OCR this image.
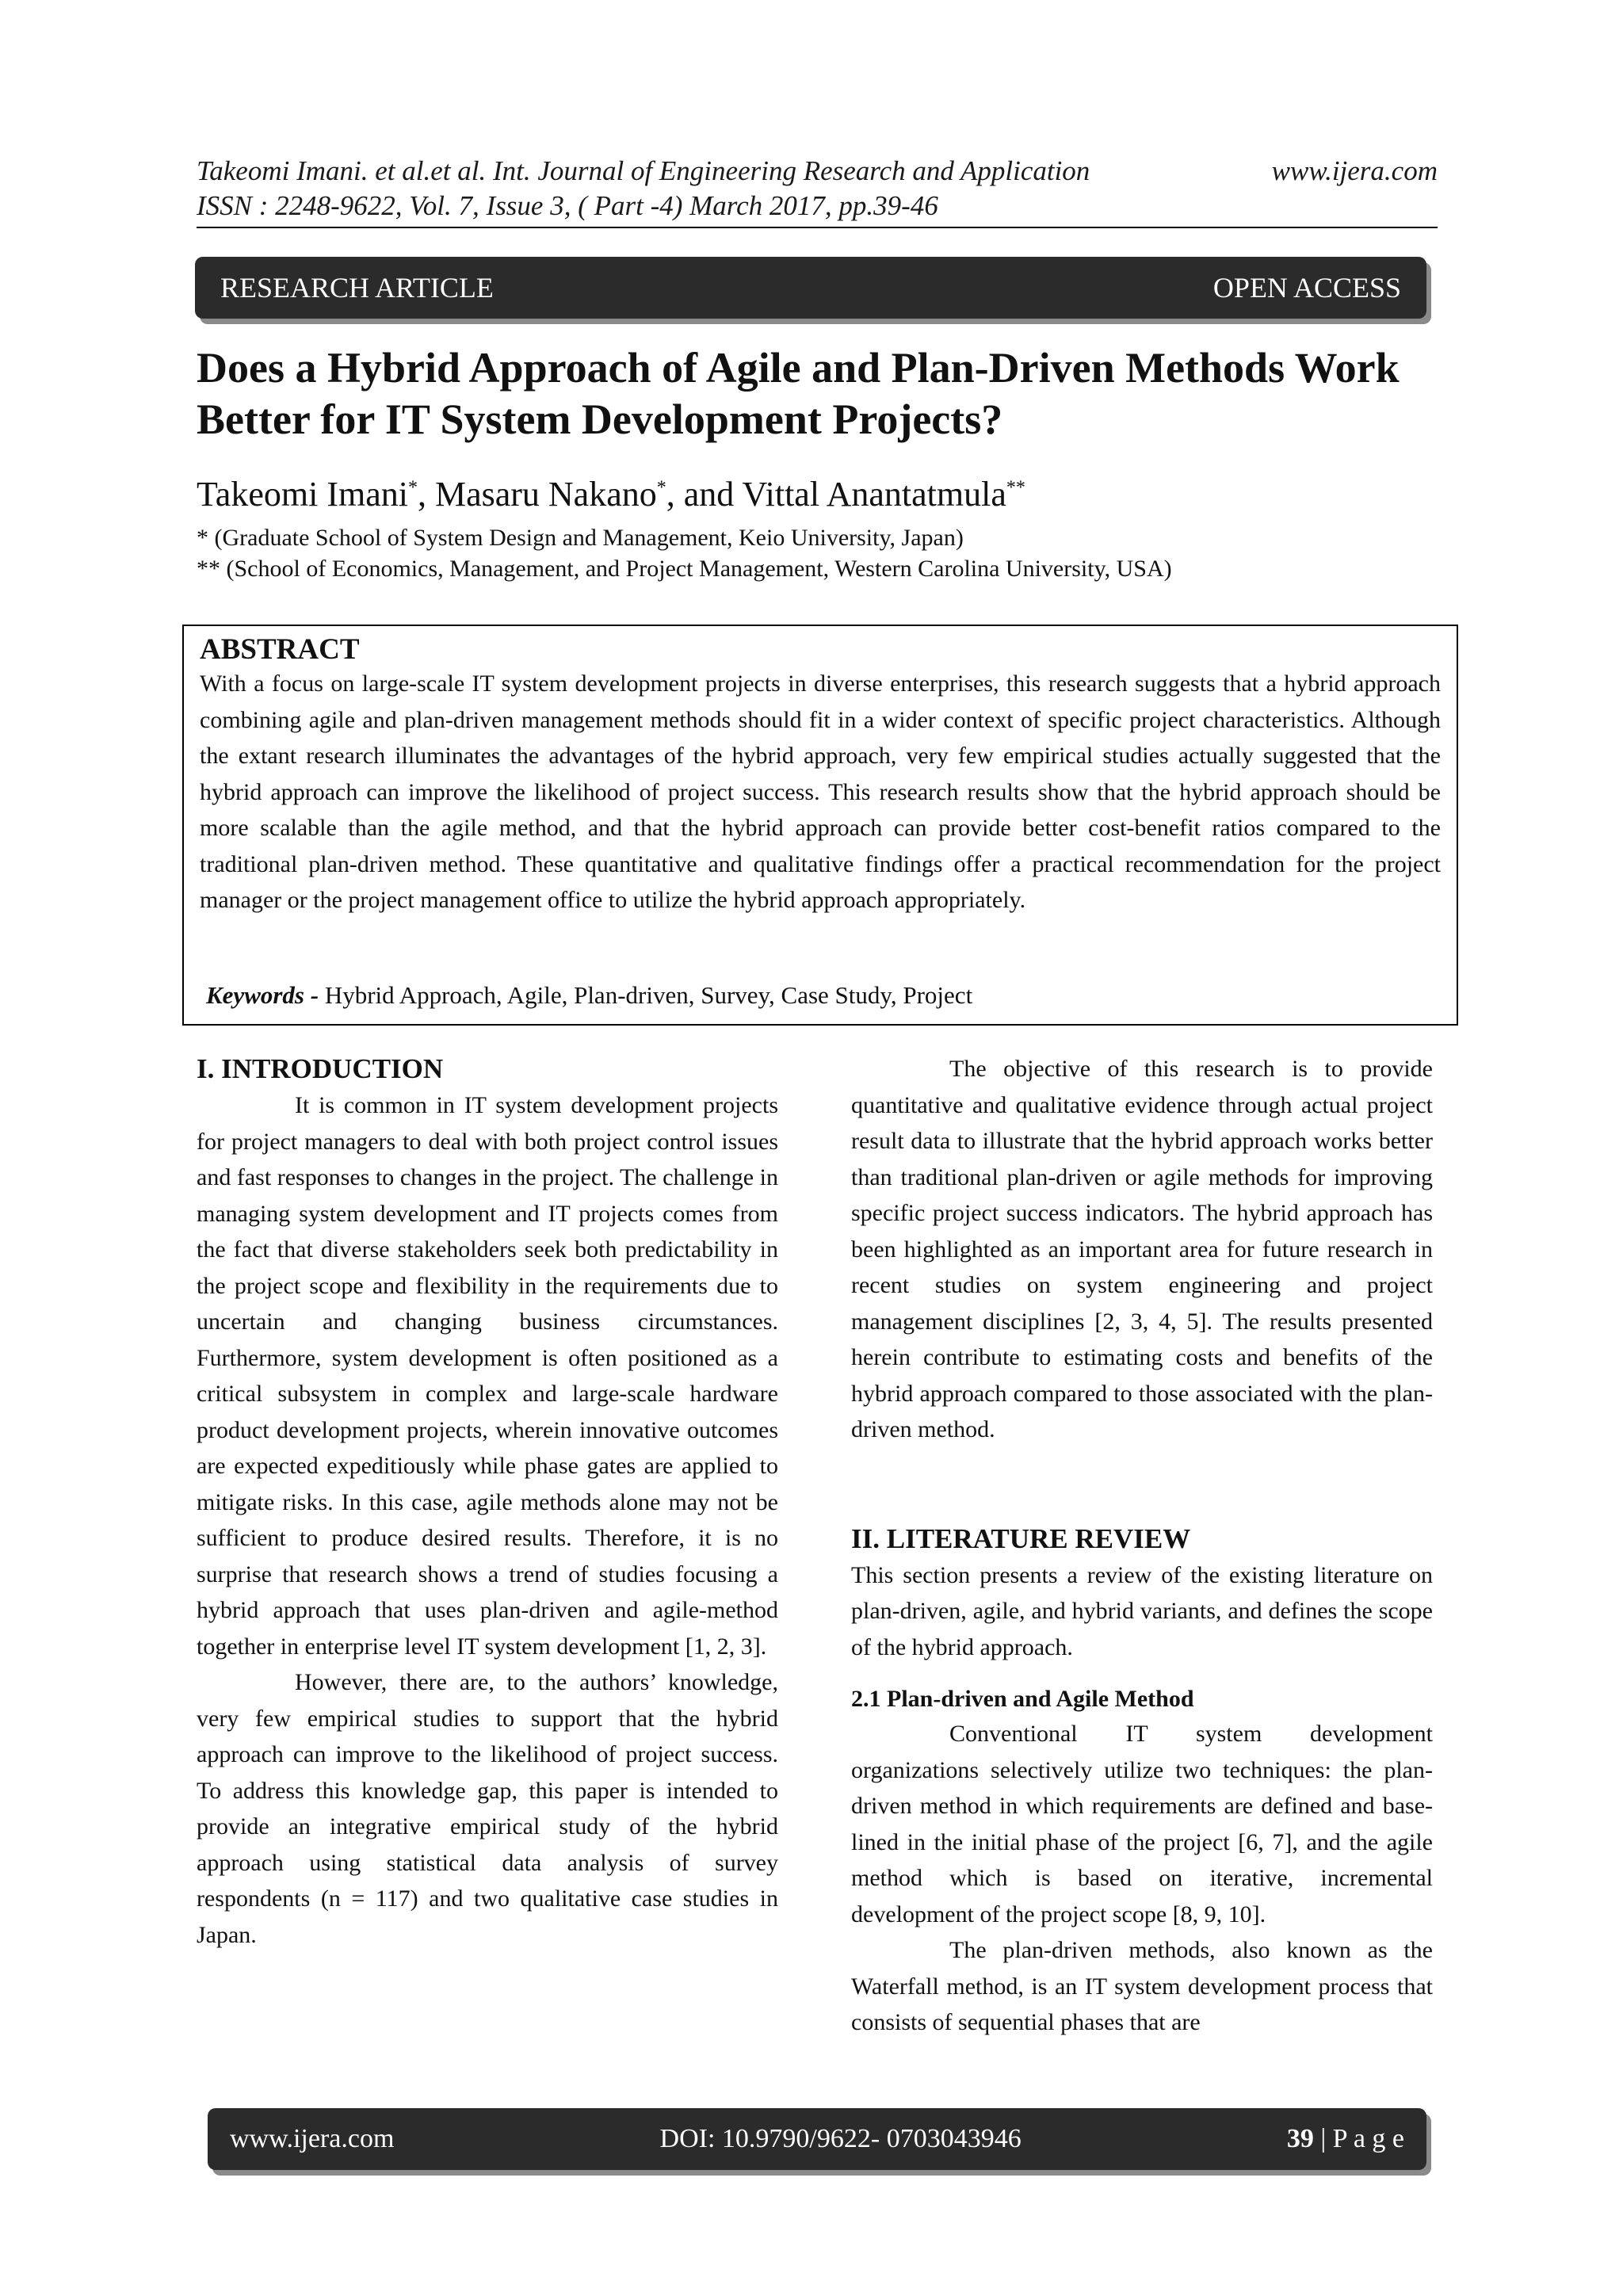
Takeomi Imani. et al.et al. Int. Journal of Engineering Research and Application	www.ijera.com
ISSN : 2248-9622, Vol. 7, Issue 3, ( Part -4) March 2017, pp.39-46
RESEARCH ARTICLE	OPEN ACCESS
Does a Hybrid Approach of Agile and Plan-Driven Methods Work
Better for IT System Development Projects?
Takeomi Imani*, Masaru Nakano*, and Vittal Anantatmula**
* (Graduate School of System Design and Management, Keio University, Japan)
** (School of Economics, Management, and Project Management, Western Carolina University, USA)

ABSTRACT

With a focus on large-scale IT system development projects in diverse enterprises, this research suggests that a hybrid approach combining agile and plan-driven management methods should fit in a wider context of specific project characteristics. Although the extant research illuminates the advantages of the hybrid approach, very few empirical studies actually suggested that the hybrid approach can improve the likelihood of project success. This research results show that the hybrid approach should be more scalable than the agile method, and that the hybrid approach can provide better cost-benefit ratios compared to the traditional plan-driven method. These quantitative and qualitative findings offer a practical recommendation for the project manager or the project management office to utilize the hybrid approach appropriately.

Keywords - Hybrid Approach, Agile, Plan-driven, Survey, Case Study, Project

I. INTRODUCTION

It is common in IT system development projects for project managers to deal with both project control issues and fast responses to changes in the project. The challenge in managing system development and IT projects comes from the fact that diverse stakeholders seek both predictability in the project scope and flexibility in the requirements due to uncertain and changing business circumstances. Furthermore, system development is often positioned as a critical subsystem in complex and large-scale hardware product development projects, wherein innovative outcomes are expected expeditiously while phase gates are applied to mitigate risks. In this case, agile methods alone may not be sufficient to produce desired results. Therefore, it is no surprise that research shows a trend of studies focusing a hybrid approach that uses plan-driven and agile-method together in enterprise level IT system development [1, 2, 3].

However, there are, to the authors’ knowledge, very few empirical studies to support that the hybrid approach can improve to the likelihood of project success. To address this knowledge gap, this paper is intended to provide an integrative empirical study of the hybrid approach using statistical data analysis of survey respondents (n = 117) and two qualitative case studies in Japan.

The objective of this research is to provide quantitative and qualitative evidence through actual project result data to illustrate that the hybrid approach works better than traditional plan-driven or agile methods for improving specific project success indicators. The hybrid approach has been highlighted as an important area for future research in recent studies on system engineering and project management disciplines [2, 3, 4, 5]. The results presented herein contribute to estimating costs and benefits of the hybrid approach compared to those associated with the plan-driven method.

II. LITERATURE REVIEW

This section presents a review of the existing literature on plan-driven, agile, and hybrid variants, and defines the scope of the hybrid approach.

2.1 Plan-driven and Agile Method

Conventional IT system development organizations selectively utilize two techniques: the plan-driven method in which requirements are defined and base-lined in the initial phase of the project [6, 7], and the agile method which is based on iterative, incremental development of the project scope [8, 9, 10].

The plan-driven methods, also known as the Waterfall method, is an IT system development process that consists of sequential phases that are

www.ijera.com	DOI: 10.9790/9622- 0703043946	39 | P a g e
